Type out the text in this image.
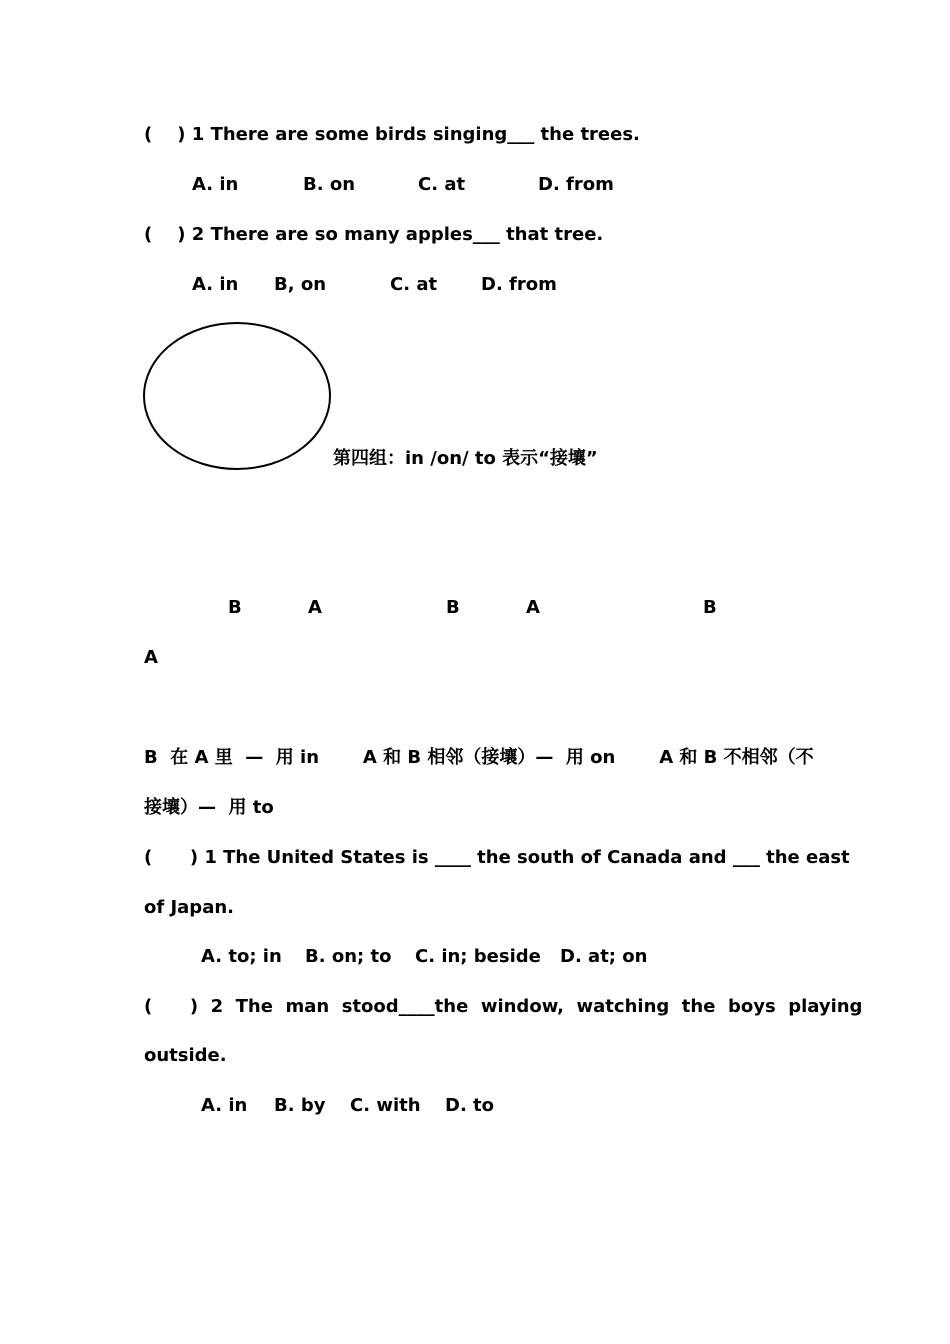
(    ) 1 There are some birds singing___ the trees.
A. in	B. on	C. at	D. from
(    ) 2 There are so many apples___ that tree.
A. in B, on	C. at D. from
第四组：in /on/ to 表示“接壤”
B	A	B	A	B
A
B  在 A 里  —  用 in       A 和 B 相邻（接壤）—  用 on       A 和 B 不相邻（不
接壤）—  用 to
(      ) 1 The United States is ____ the south of Canada and ___ the east
of Japan.
A. to; in B. on; to C. in; beside D. at; on
(      )  2  The  man  stood____the  window,  watching  the  boys  playing
outside.
A. in B. by C. with D. to
